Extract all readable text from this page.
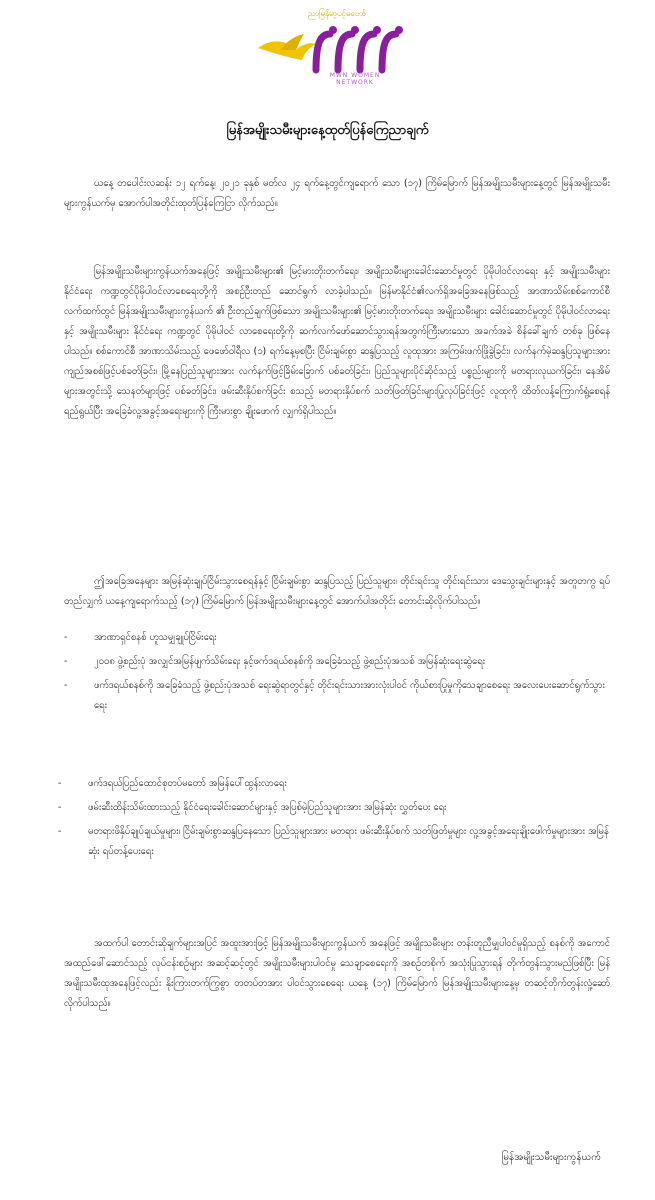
ညာမြန်မာ့ပင့်မတော်
MWN WOMEN NETWORK
မြန်အမျိုးသမီးများနေ့ထုတ်ပြန်ကြေညာချက်

ယနေ့ တပေါင်းလဆန်း ၁၂ ရက်နေ့၊ ၂၀၂၁ ခုနှစ် မတ်လ ၂၄ ရက်နေ့တွင်ကျရောက် သော (၁၇) ကြိမ်မြောက် မြန်အမျိုးသမီးများနေ့တွင် မြန်အမျိုးသမီးများကွန်ယက်မှ အောက်ပါအတိုင်းထုတ်ပြန်ကြေငြာ လိုက်သည်။

မြန်အမျိုးသမီးများကွန်ယက်အနေဖြင့် အမျိုးသမီးများ၏ မြင့်မားတိုးတက်ရေး၊ အမျိုးသမီးများခေါင်းဆောင်မှုတွင် ပိုမိုပါဝင်လာရေး နှင့် အမျိုးသမီးများ နိုင်ငံရေး ကဏ္ဍတွင်ပိုမိုပါဝင်လာစေရေးတို့ကို အစဉ်ဦးတည် ဆောင်ရွက် လာခဲ့ပါသည်။ မြန်မာနိုင်ငံ၏လက်ရှိအခြေအနေဖြစ်သည့် အာဏာသိမ်းစစ်ကောင်စီ လက်ထက်တွင် မြန်အမျိုးသမီးများကွန်ယက် ၏ ဦးတည်ချက်ဖြစ်သော အမျိုးသမီးများ၏ မြင့်မားတိုးတက်ရေး၊ အမျိုးသမီးများ ခေါင်းဆောင်မှုတွင် ပိုမိုပါဝင်လာရေး နှင့် အမျိုးသမီးများ နိုင်ငံရေး ကဏ္ဍတွင် ပိုမိုပါဝင် လာစေရေးတို့ကို ဆက်လက်ဖော်ဆောင်သွားရန်အတွက်ကြီးမားသော အခက်အခဲ စိန်ခေါ်ချက် တစ်ခု ဖြစ်နေပါသည်။ စစ်ကောင်စီ အာဏာသိမ်းသည့် ဖေဖော်ဝါရီလ (၁) ရက်နေ့မှစပြီး ငြိမ်းချမ်းစွာ ဆန္ဒပြသည့် လူထုအား အကြမ်းဖက်ဖြိုခွဲခြင်း၊ လက်နက်မဲ့ဆန္ဒပြသူများအား ကျည်အစစ်ဖြင့်ပစ်ခတ်ခြင်း၊ မြို့နေပြည်သူများအား လက်နက်ဖြင့်ခြိမ်းခြောက် ပစ်ခတ်ခြင်း၊ ပြည်သူများပိုင်ဆိုင်သည့် ပစ္စည်းများကို မတရားလုယက်ခြင်း၊ နေအိမ်များအတွင်းသို့ သေနတ်များဖြင့် ပစ်ခတ်ခြင်း၊ ဖမ်းဆီးနှိပ်စက်ခြင်း စသည့် မတရားနှိပ်စက် သတ်ဖြတ်ခြင်းများပြုလုပ်ခြင်းဖြင့် လူထုကို ထိတ်လန့်ကြောက်ရွံ့စေရန်ရည်ရွယ်ပြီး အခြေခံလူ့အခွင့်အရေးများကို ကြီးမားစွာ ချိုးဖောက် လျှက်ရှိပါသည်။

ဤအခြေအနေများ အမြန်ဆုံးချုပ်ငြိမ်းသွားစေရန်နှင့် ငြိမ်းချမ်းစွာ ဆန္ဒပြသည့် ပြည်သူများ၊ တိုင်းရင်းသူ တိုင်းရင်းသား ဒေသွေးချင်းများနှင့် အတူတကွ ရပ်တည်လျှက် ယနေ့ကျရောက်သည့် (၁၇) ကြိမ်မြောက် မြန်အမျိုးသမီးများနေ့တွင် အောက်ပါအတိုင်း တောင်းဆိုလိုက်ပါသည်။

- အာဏာရှင်စနစ် ဟူသမျှချုပ်ငြိမ်းရေး
- ၂၀၀၈ ဖွဲ့စည်းပုံ အလျှင်အမြန်ဖျက်သိမ်းရေး နှင့်ဖက်ဒရယ်စနစ်ကို အခြေခံသည့် ဖွဲ့စည်းပုံအသစ် အမြန်ဆုံးရေးဆွဲရေး
- ဖက်ဒရယ်စနစ်ကို အခြေခံသည့် ဖွဲ့စည်းပုံအသစ် ရေးဆွဲရာတွင်နှင့် တိုင်းရင်းသားအားလုံးပါဝင် ကိုယ်စားပြုမှုကိုသေချာစေရေး အလေးပေးဆောင်ရွက်သွားရေး
- ဖက်ဒရယ်ပြည်ထောင်စုတပ်မတော် အမြန်ပေါ်ထွန်းလာရေး
- ဖမ်းဆီးထိန်းသိမ်းထားသည့် နိုင်ငံရေးခေါင်းဆောင်များနှင့် အပြစ်မဲ့ပြည်သူများအား အမြန်ဆုံး လွှတ်ပေး ရေး
- မတရားဖိနှိပ်ချုပ်ချယ်မှုများ၊ ငြိမ်းချမ်းစွာဆန္ဒပြနေသော ပြည်သူများအား မတရား ဖမ်းဆီးနှိပ်စက် သတ်ဖြတ်မှုများ လူ့အခွင့်အရေးချိုးဖေါက်မှုများအား အမြန်ဆုံး ရပ်တန့်ပေးရေး

အထက်ပါ တောင်းဆိုချက်များအပြင် အထူးအားဖြင့် မြန်အမျိုးသမီးများကွန်ယက် အနေဖြင့် အမျိုးသမီးများ တန်းတူညီမျှပါဝင်မှုရှိသည့် စနစ်ကို အကောင်အထည်ဖေါ်ဆောင်သည့် လုပ်ငန်းစဉ်များ အဆင့်ဆင့်တွင် အမျိုးသမီးများပါဝင်မှု သေချာစေရေးကို အစဉ်တစိုက် အသုံးပြုသွားရန် တိုက်တွန်းသွားမည်ဖြစ်ပြီး မြန်အမျိုးသမီးထုအနေဖြင့်လည်း နိုးကြားတက်ကြွစွာ တတပ်တအား ပါဝင်သွားစေရေး ယနေ့ (၁၇) ကြိမ်မြောက် မြန်အမျိုးသမီးများနေ့မှ တဆင့်တိုက်တွန်းလှုံ့ဆော် လိုက်ပါသည်။

မြန်အမျိုးသမီးများကွန်ယက်
